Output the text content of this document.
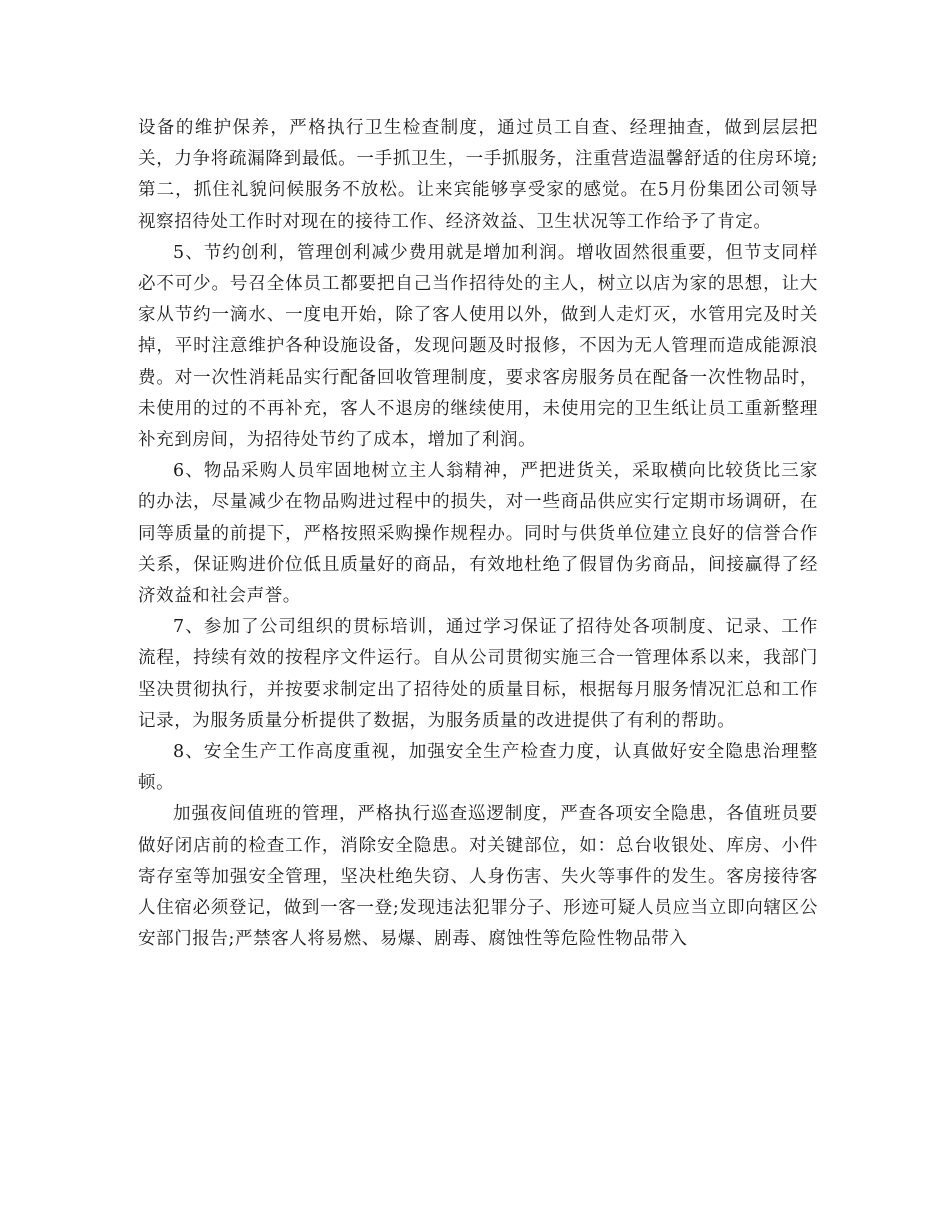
设备的维护保养，严格执行卫生检查制度，通过员工自查、经理抽查，做到层层把关，力争将疏漏降到最低。一手抓卫生，一手抓服务，注重营造温馨舒适的住房环境;第二，抓住礼貌问候服务不放松。让来宾能够享受家的感觉。在5月份集团公司领导视察招待处工作时对现在的接待工作、经济效益、卫生状况等工作给予了肯定。

5、节约创利，管理创利减少费用就是增加利润。增收固然很重要，但节支同样必不可少。号召全体员工都要把自己当作招待处的主人，树立以店为家的思想，让大家从节约一滴水、一度电开始，除了客人使用以外，做到人走灯灭，水管用完及时关掉，平时注意维护各种设施设备，发现问题及时报修，不因为无人管理而造成能源浪费。对一次性消耗品实行配备回收管理制度，要求客房服务员在配备一次性物品时，未使用的过的不再补充，客人不退房的继续使用，未使用完的卫生纸让员工重新整理补充到房间，为招待处节约了成本，增加了利润。

6、物品采购人员牢固地树立主人翁精神，严把进货关，采取横向比较货比三家的办法，尽量减少在物品购进过程中的损失，对一些商品供应实行定期市场调研，在同等质量的前提下，严格按照采购操作规程办。同时与供货单位建立良好的信誉合作关系，保证购进价位低且质量好的商品，有效地杜绝了假冒伪劣商品，间接赢得了经济效益和社会声誉。

7、参加了公司组织的贯标培训，通过学习保证了招待处各项制度、记录、工作流程，持续有效的按程序文件运行。自从公司贯彻实施三合一管理体系以来，我部门坚决贯彻执行，并按要求制定出了招待处的质量目标，根据每月服务情况汇总和工作记录，为服务质量分析提供了数据，为服务质量的改进提供了有利的帮助。

8、安全生产工作高度重视，加强安全生产检查力度，认真做好安全隐患治理整顿。

加强夜间值班的管理，严格执行巡查巡逻制度，严查各项安全隐患，各值班员要做好闭店前的检查工作，消除安全隐患。对关键部位，如：总台收银处、库房、小件寄存室等加强安全管理，坚决杜绝失窃、人身伤害、失火等事件的发生。客房接待客人住宿必须登记，做到一客一登;发现违法犯罪分子、形迹可疑人员应当立即向辖区公安部门报告;严禁客人将易燃、易爆、剧毒、腐蚀性等危险性物品带入
